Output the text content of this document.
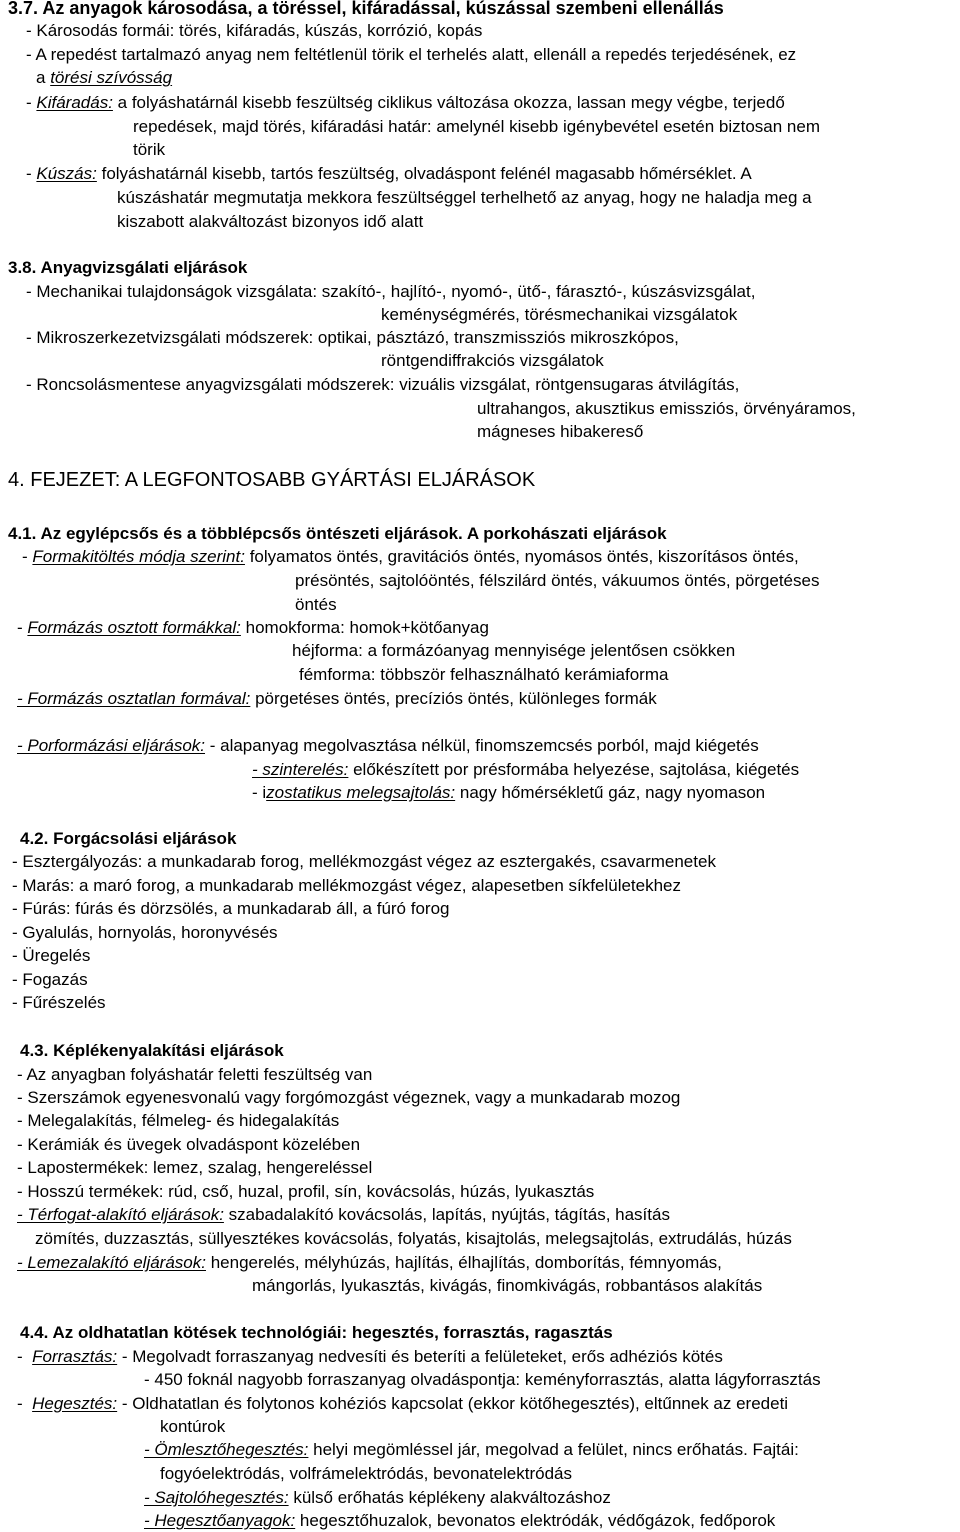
3.7. Az anyagok károsodása, a töréssel, kifáradással, kúszással szembeni ellenállás
- Károsodás formái: törés, kifáradás, kúszás, korrózió, kopás
- A repedést tartalmazó anyag nem feltétlenül törik el terhelés alatt, ellenáll a repedés terjedésének, ez
a törési szívósság
- Kifáradás: a folyáshatárnál kisebb feszültség ciklikus változása okozza, lassan megy végbe, terjedő
repedések, majd törés, kifáradási határ: amelynél kisebb igénybevétel esetén biztosan nem
törik
- Kúszás: folyáshatárnál kisebb, tartós feszültség, olvadáspont felénél magasabb hőmérséklet. A
kúszáshatár megmutatja mekkora feszültséggel terhelhető az anyag, hogy ne haladja meg a
kiszabott alakváltozást bizonyos idő alatt
3.8. Anyagvizsgálati eljárások
- Mechanikai tulajdonságok vizsgálata: szakító-, hajlító-, nyomó-, ütő-, fárasztó-, kúszásvizsgálat,
keménységmérés, törésmechanikai vizsgálatok
- Mikroszerkezetvizsgálati módszerek: optikai, pásztázó, transzmissziós mikroszkópos,
röntgendiffrakciós vizsgálatok
- Roncsolásmentese anyagvizsgálati módszerek: vizuális vizsgálat, röntgensugaras átvilágítás,
ultrahangos, akusztikus emissziós, örvényáramos,
mágneses hibakereső
4. FEJEZET: A LEGFONTOSABB GYÁRTÁSI ELJÁRÁSOK
4.1. Az egylépcsős és a többlépcsős öntészeti eljárások. A porkohászati eljárások
- Formakitöltés módja szerint: folyamatos öntés, gravitációs öntés, nyomásos öntés, kiszorításos öntés,
présöntés, sajtolóöntés, félszilárd öntés, vákuumos öntés, pörgetéses
öntés
- Formázás osztott formákkal: homokforma: homok+kötőanyag
héjforma: a formázóanyag mennyisége jelentősen csökken
fémforma: többször felhasználható kerámiaforma
- Formázás osztatlan formával: pörgetéses öntés, precíziós öntés, különleges formák
- Porformázási eljárások: - alapanyag megolvasztása nélkül, finomszemcsés porból, majd kiégetés
- szinterelés: előkészített por présformába helyezése, sajtolása, kiégetés
- izostatikus melegsajtolás: nagy hőmérsékletű gáz, nagy nyomason
4.2. Forgácsolási eljárások
- Esztergályozás: a munkadarab forog, mellékmozgást végez az esztergakés, csavarmenetek
- Marás: a maró forog, a munkadarab mellékmozgást végez, alapesetben síkfelületekhez
- Fúrás: fúrás és dörzsölés, a munkadarab áll, a fúró forog
- Gyalulás, hornyolás, horonyvésés
- Üregelés
- Fogazás
- Fűrészelés
4.3. Képlékenyalakítási eljárások
- Az anyagban folyáshatár feletti feszültség van
- Szerszámok egyenesvonalú vagy forgómozgást végeznek, vagy a munkadarab mozog
- Melegalakítás, félmeleg- és hidegalakítás
- Kerámiák és üvegek olvadáspont közelében
- Lapostermékek: lemez, szalag, hengereléssel
- Hosszú termékek: rúd, cső, huzal, profil, sín, kovácsolás, húzás, lyukasztás
- Térfogat-alakító eljárások: szabadalakító kovácsolás, lapítás, nyújtás, tágítás, hasítás
zömítés, duzzasztás, süllyesztékes kovácsolás, folyatás, kisajtolás, melegsajtolás, extrudálás, húzás
- Lemezalakító eljárások: hengerelés, mélyhúzás, hajlítás, élhajlítás, domborítás, fémnyomás,
mángorlás, lyukasztás, kivágás, finomkivágás, robbantásos alakítás
4.4. Az oldhatatlan kötések technológiái: hegesztés, forrasztás, ragasztás
-  Forrasztás: - Megolvadt forraszanyag nedvesíti és beteríti a felületeket, erős adhéziós kötés
- 450 foknál nagyobb forraszanyag olvadáspontja: keményforrasztás, alatta lágyforrasztás
-  Hegesztés: - Oldhatatlan és folytonos kohéziós kapcsolat (ekkor kötőhegesztés), eltűnnek az eredeti
kontúrok
- Ömlesztőhegesztés: helyi megömléssel jár, megolvad a felület, nincs erőhatás. Fajtái:
fogyóelektródás, volfrámelektródás, bevonatelektródás
- Sajtolóhegesztés: külső erőhatás képlékeny alakváltozáshoz
- Hegesztőanyagok: hegesztőhuzalok, bevonatos elektródák, védőgázok, fedőporok
